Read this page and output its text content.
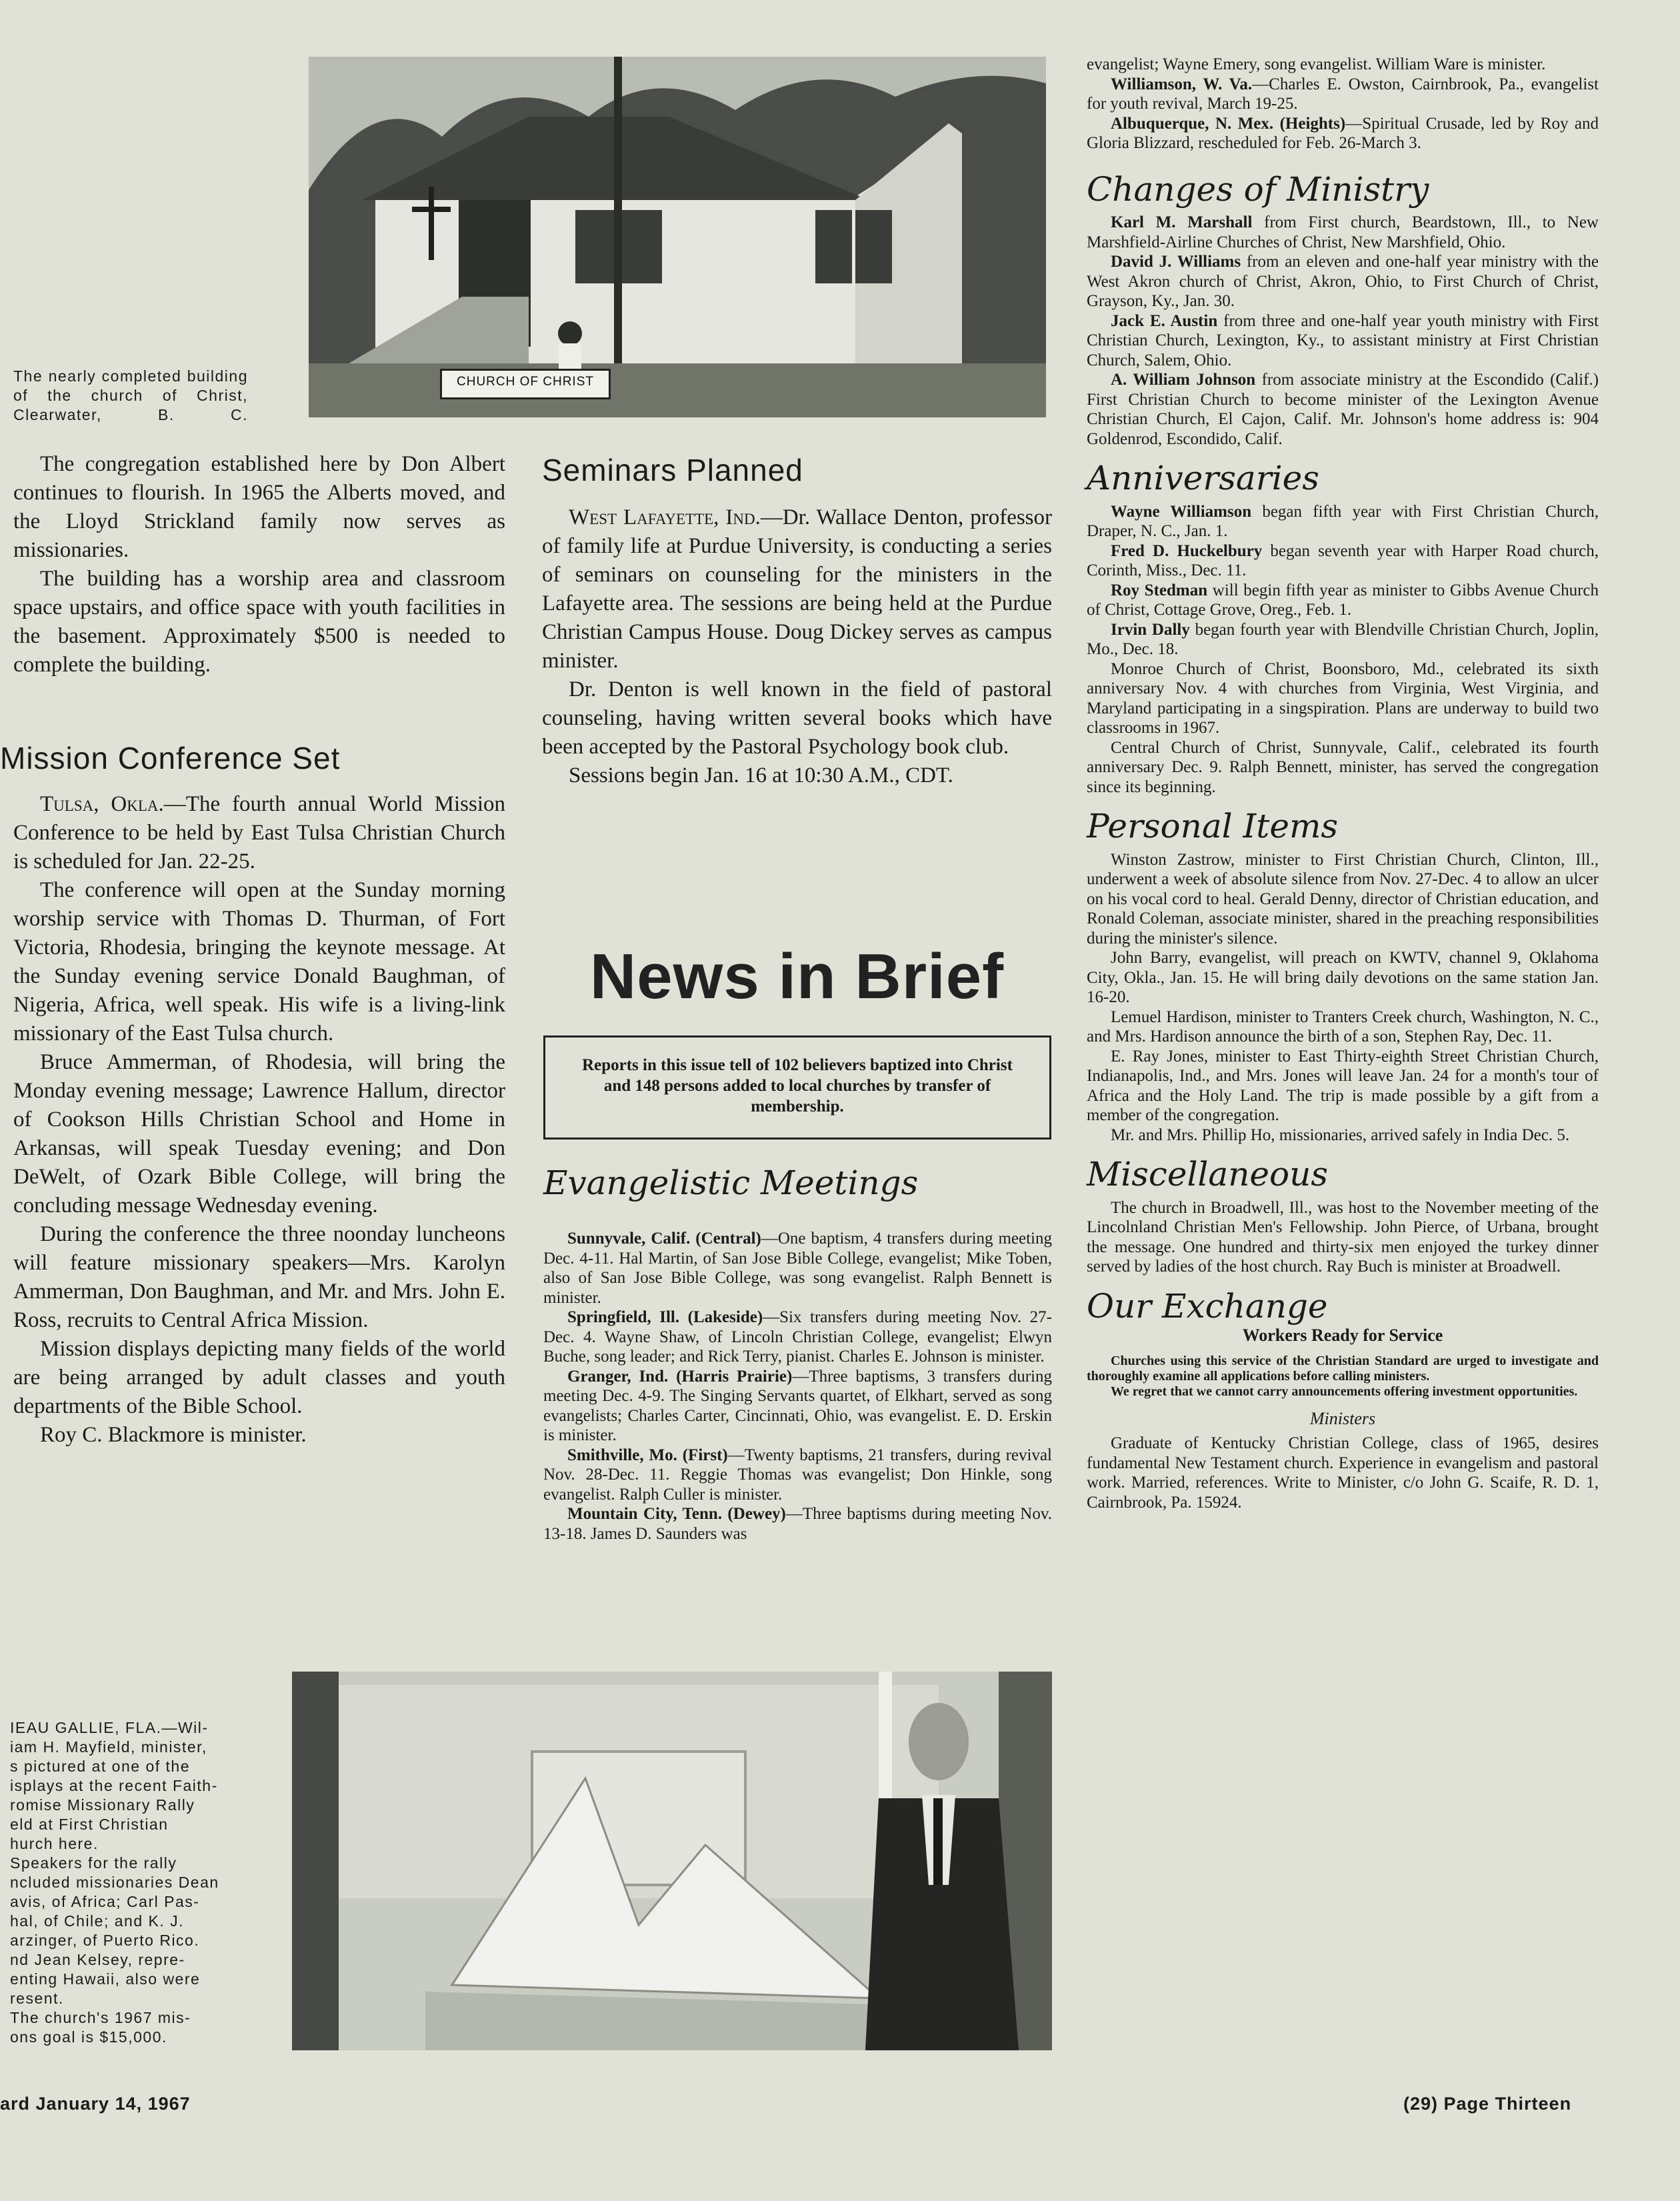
CHURCH OF CHRIST
The nearly completed building of the church of Christ, Clearwater, B. C.

The congregation established here by Don Albert continues to flourish. In 1965 the Alberts moved, and the Lloyd Strickland family now serves as missionaries.

The building has a worship area and classroom space upstairs, and office space with youth facilities in the basement. Approximately $500 is needed to complete the building.

Mission Conference Set

Tulsa, Okla.—The fourth annual World Mission Conference to be held by East Tulsa Christian Church is scheduled for Jan. 22-25.

The conference will open at the Sunday morning worship service with Thomas D. Thurman, of Fort Victoria, Rhodesia, bringing the keynote message. At the Sunday evening service Donald Baughman, of Nigeria, Africa, well speak. His wife is a living-link missionary of the East Tulsa church.

Bruce Ammerman, of Rhodesia, will bring the Monday evening message; Lawrence Hallum, director of Cookson Hills Christian School and Home in Arkansas, will speak Tuesday evening; and Don DeWelt, of Ozark Bible College, will bring the concluding message Wednesday evening.

During the conference the three noonday luncheons will feature missionary speakers—Mrs. Karolyn Ammerman, Don Baughman, and Mr. and Mrs. John E. Ross, recruits to Central Africa Mission.

Mission displays depicting many fields of the world are being arranged by adult classes and youth departments of the Bible School.

Roy C. Blackmore is minister.

Seminars Planned

West Lafayette, Ind.—Dr. Wallace Denton, professor of family life at Purdue University, is conducting a series of seminars on counseling for the ministers in the Lafayette area. The sessions are being held at the Purdue Christian Campus House. Doug Dickey serves as campus minister.

Dr. Denton is well known in the field of pastoral counseling, having written several books which have been accepted by the Pastoral Psychology book club.

Sessions begin Jan. 16 at 10:30 A.M., CDT.

News in Brief
Reports in this issue tell of 102 believers baptized into Christ and 148 persons added to local churches by transfer of membership.
Evangelistic Meetings

Sunnyvale, Calif. (Central)—One baptism, 4 transfers during meeting Dec. 4-11. Hal Martin, of San Jose Bible College, evangelist; Mike Toben, also of San Jose Bible College, was song evangelist. Ralph Bennett is minister.

Springfield, Ill. (Lakeside)—Six transfers during meeting Nov. 27-Dec. 4. Wayne Shaw, of Lincoln Christian College, evangelist; Elwyn Buche, song leader; and Rick Terry, pianist. Charles E. Johnson is minister.

Granger, Ind. (Harris Prairie)—Three baptisms, 3 transfers during meeting Dec. 4-9. The Singing Servants quartet, of Elkhart, served as song evangelists; Charles Carter, Cincinnati, Ohio, was evangelist. E. D. Erskin is minister.

Smithville, Mo. (First)—Twenty baptisms, 21 transfers, during revival Nov. 28-Dec. 11. Reggie Thomas was evangelist; Don Hinkle, song evangelist. Ralph Culler is minister.

Mountain City, Tenn. (Dewey)—Three baptisms during meeting Nov. 13-18. James D. Saunders was

evangelist; Wayne Emery, song evangelist. William Ware is minister.

Williamson, W. Va.—Charles E. Owston, Cairnbrook, Pa., evangelist for youth revival, March 19-25.

Albuquerque, N. Mex. (Heights)—Spiritual Crusade, led by Roy and Gloria Blizzard, rescheduled for Feb. 26-March 3.

Changes of Ministry

Karl M. Marshall from First church, Beardstown, Ill., to New Marshfield-Airline Churches of Christ, New Marshfield, Ohio.

David J. Williams from an eleven and one-half year ministry with the West Akron church of Christ, Akron, Ohio, to First Church of Christ, Grayson, Ky., Jan. 30.

Jack E. Austin from three and one-half year youth ministry with First Christian Church, Lexington, Ky., to assistant ministry at First Christian Church, Salem, Ohio.

A. William Johnson from associate ministry at the Escondido (Calif.) First Christian Church to become minister of the Lexington Avenue Christian Church, El Cajon, Calif. Mr. Johnson's home address is: 904 Goldenrod, Escondido, Calif.

Anniversaries

Wayne Williamson began fifth year with First Christian Church, Draper, N. C., Jan. 1.

Fred D. Huckelbury began seventh year with Harper Road church, Corinth, Miss., Dec. 11.

Roy Stedman will begin fifth year as minister to Gibbs Avenue Church of Christ, Cottage Grove, Oreg., Feb. 1.

Irvin Dally began fourth year with Blendville Christian Church, Joplin, Mo., Dec. 18.

Monroe Church of Christ, Boonsboro, Md., celebrated its sixth anniversary Nov. 4 with churches from Virginia, West Virginia, and Maryland participating in a singspiration. Plans are underway to build two classrooms in 1967.

Central Church of Christ, Sunnyvale, Calif., celebrated its fourth anniversary Dec. 9. Ralph Bennett, minister, has served the congregation since its beginning.

Personal Items

Winston Zastrow, minister to First Christian Church, Clinton, Ill., underwent a week of absolute silence from Nov. 27-Dec. 4 to allow an ulcer on his vocal cord to heal. Gerald Denny, director of Christian education, and Ronald Coleman, associate minister, shared in the preaching responsibilities during the minister's silence.

John Barry, evangelist, will preach on KWTV, channel 9, Oklahoma City, Okla., Jan. 15. He will bring daily devotions on the same station Jan. 16-20.

Lemuel Hardison, minister to Tranters Creek church, Washington, N. C., and Mrs. Hardison announce the birth of a son, Stephen Ray, Dec. 11.

E. Ray Jones, minister to East Thirty-eighth Street Christian Church, Indianapolis, Ind., and Mrs. Jones will leave Jan. 24 for a month's tour of Africa and the Holy Land. The trip is made possible by a gift from a member of the congregation.

Mr. and Mrs. Phillip Ho, missionaries, arrived safely in India Dec. 5.

Miscellaneous

The church in Broadwell, Ill., was host to the November meeting of the Lincolnland Christian Men's Fellowship. John Pierce, of Urbana, brought the message. One hundred and thirty-six men enjoyed the turkey dinner served by ladies of the host church. Ray Buch is minister at Broadwell.

Our Exchange
Workers Ready for Service

Churches using this service of the Christian Standard are urged to investigate and thoroughly examine all applications before calling ministers.

We regret that we cannot carry announcements offering investment opportunities.

Ministers

Graduate of Kentucky Christian College, class of 1965, desires fundamental New Testament church. Experience in evangelism and pastoral work. Married, references. Write to Minister, c/o John G. Scaife, R. D. 1, Cairnbrook, Pa. 15924.

IEAU GALLIE, FLA.—Wil-
iam H. Mayfield, minister,
s pictured at one of the
isplays at the recent Faith-
romise Missionary Rally
eld at First Christian
hurch here.
Speakers for the rally
ncluded missionaries Dean
avis, of Africa; Carl Pas-
hal, of Chile; and K. J.
arzinger, of Puerto Rico.
nd Jean Kelsey, repre-
enting Hawaii, also were
resent.
The church's 1967 mis-
ons goal is $15,000.
ard January 14, 1967	(29) Page Thirteen
